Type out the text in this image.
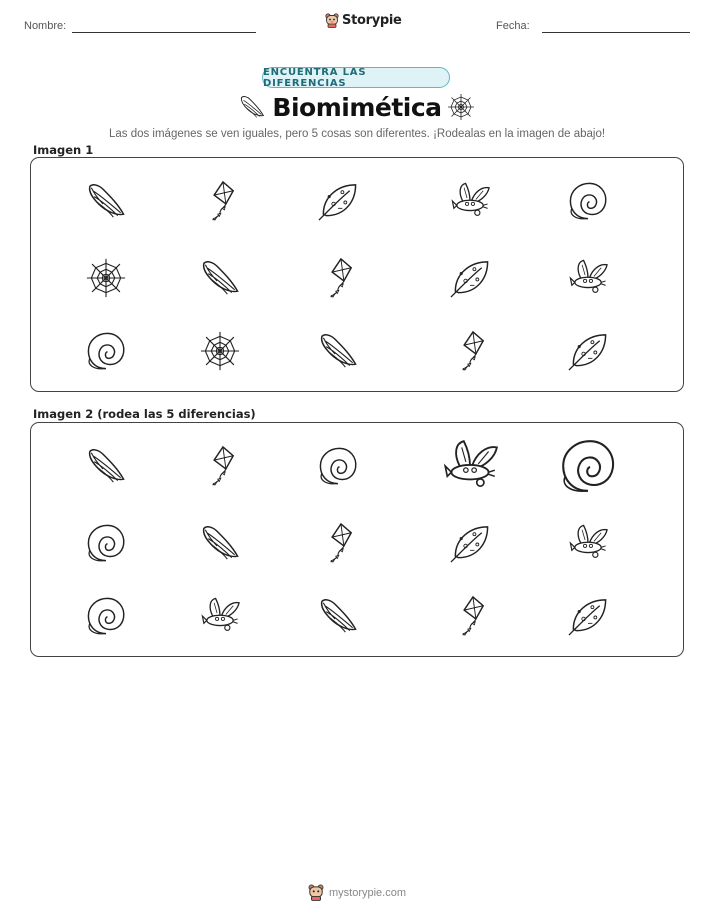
Nombre:	Storypie	Fecha:
ENCUENTRA LAS DIFERENCIAS
Biomimética
Las dos imágenes se ven iguales, pero 5 cosas son diferentes. ¡Rodealas en la imagen de abajo!
Imagen 1
Imagen 2 (rodea las 5 diferencias)
mystorypie.com
